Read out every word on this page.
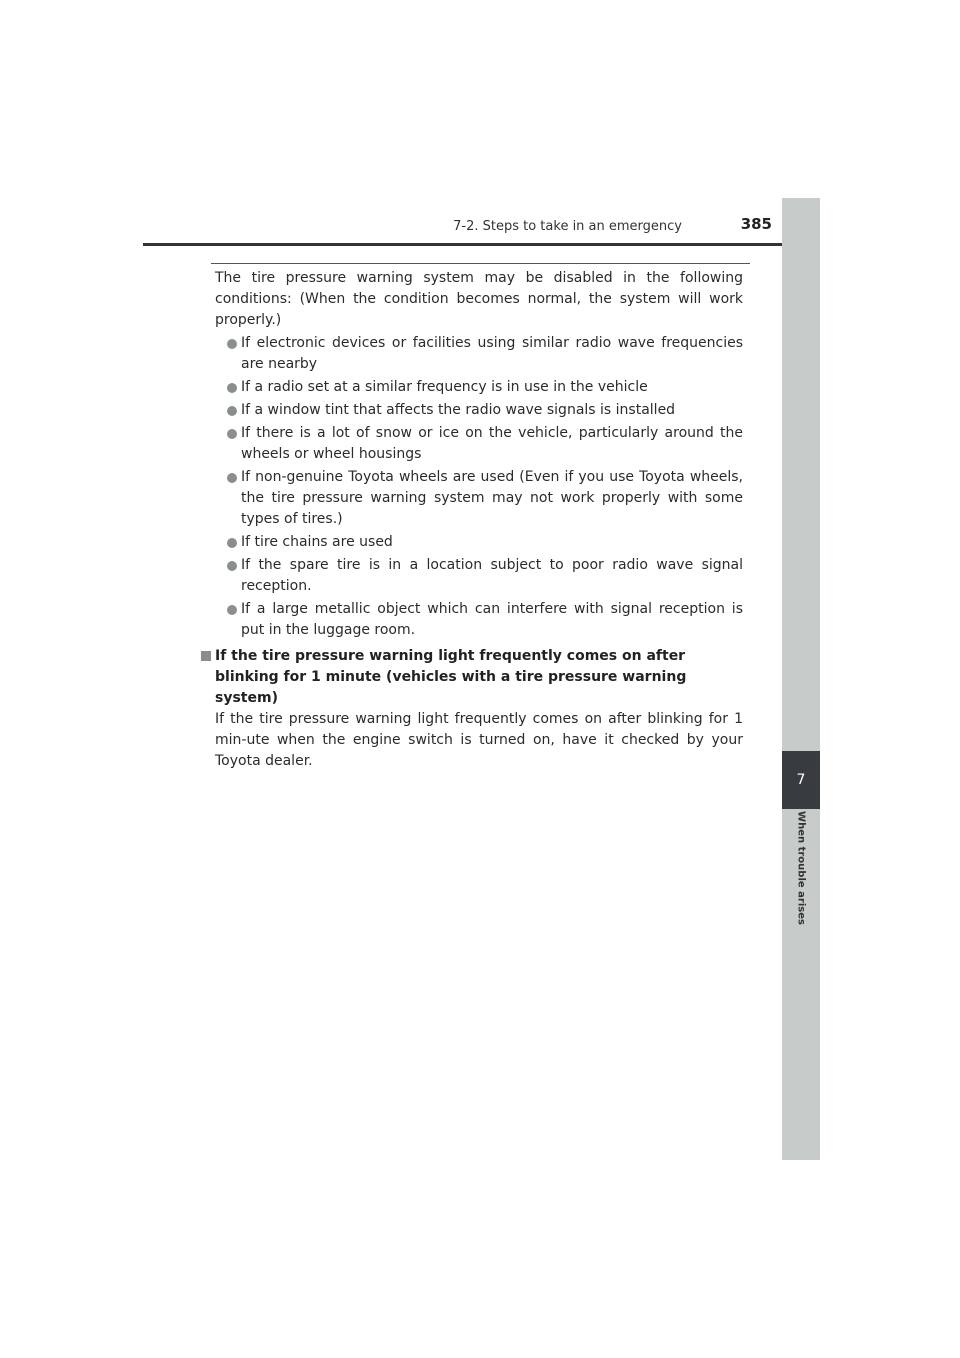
7-2. Steps to take in an emergency	385
7
When trouble arises
The tire pressure warning system may be disabled in the following conditions: (When the condition becomes normal, the system will work properly.)
If electronic devices or facilities using similar radio wave frequencies are nearby
If a radio set at a similar frequency is in use in the vehicle
If a window tint that affects the radio wave signals is installed
If there is a lot of snow or ice on the vehicle, particularly around the wheels or wheel housings
If non-genuine Toyota wheels are used (Even if you use Toyota wheels, the tire pressure warning system may not work properly with some types of tires.)
If tire chains are used
If the spare tire is in a location subject to poor radio wave signal reception.
If a large metallic object which can interfere with signal reception is put in the luggage room.
If the tire pressure warning light frequently comes on after blinking for 1 minute (vehicles with a tire pressure warning system)
If the tire pressure warning light frequently comes on after blinking for 1 min-ute when the engine switch is turned on, have it checked by your Toyota dealer.
